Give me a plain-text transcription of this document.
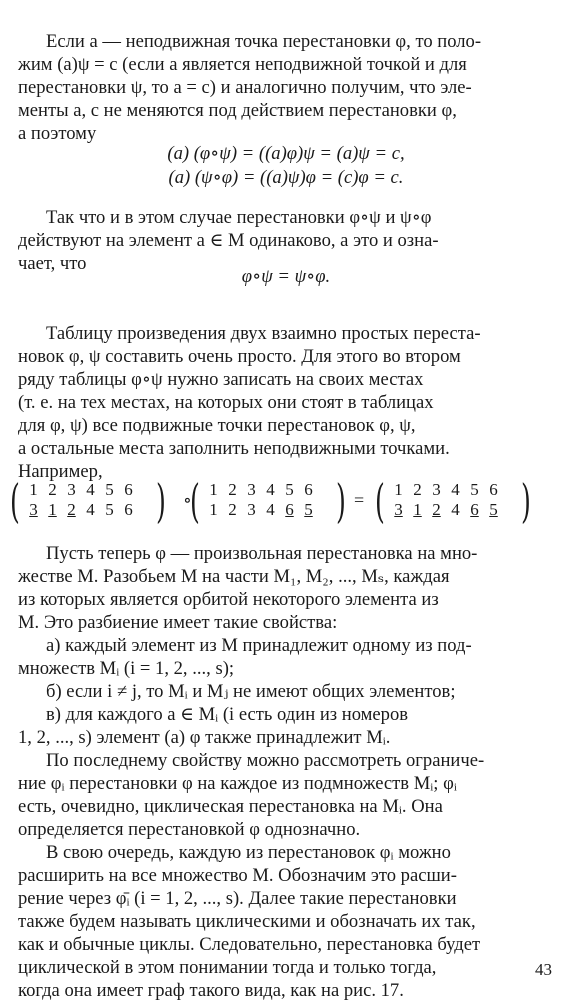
Если a — неподвижная точка перестановки φ, то поло-
жим (a)ψ = c (если a является неподвижной точкой и для
перестановки ψ, то a = c) и аналогично получим, что эле-
менты a, c не меняются под действием перестановки φ,
а поэтому

(a) (φ∘ψ) = ((a)φ)ψ = (a)ψ = c,
(a) (ψ∘φ) = ((a)ψ)φ = (c)φ = c.

Так что и в этом случае перестановки φ∘ψ и ψ∘φ
действуют на элемент a ∈ M одинаково, а это и озна-
чает, что

φ∘ψ = ψ∘φ.

Таблицу произведения двух взаимно простых переста-
новок φ, ψ составить очень просто. Для этого во втором
ряду таблицы φ∘ψ нужно записать на своих местах
(т. е. на тех местах, на которых они стоят в таблицах
для φ, ψ) все подвижные точки перестановок φ, ψ,
а остальные места заполнить неподвижными точками.
Например,

( 1 2 3 4 5 6
3 1 2 4 5 6 ) ∘
( 1 2 3 4 5 6
1 2 3 4 6 5 ) = ( 1 2 3 4 5 6
3 1 2 4 6 5 )

Пусть теперь φ — произвольная перестановка на мно-
жестве M. Разобьем M на части M₁, M₂, ..., Mₛ, каждая
из которых является орбитой некоторого элемента из
M. Это разбиение имеет такие свойства:

а) каждый элемент из M принадлежит одному из под-
множеств Mᵢ (i = 1, 2, ..., s);
б) если i ≠ j, то Mᵢ и Mⱼ не имеют общих элементов;
в) для каждого a ∈ Mᵢ (i есть один из номеров
1, 2, ..., s) элемент (a) φ также принадлежит Mᵢ.

По последнему свойству можно рассмотреть ограниче-
ние φᵢ перестановки φ на каждое из подмножеств Mᵢ; φᵢ
есть, очевидно, циклическая перестановка на Mᵢ. Она
определяется перестановкой φ однозначно.

В свою очередь, каждую из перестановок φᵢ можно
расширить на все множество M. Обозначим это расши-
рение через φ̄ᵢ (i = 1, 2, ..., s). Далее такие перестановки
также будем называть циклическими и обозначать их так,
как и обычные циклы. Следовательно, перестановка будет
циклической в этом понимании тогда и только тогда,
когда она имеет граф такого вида, как на рис. 17.

43
